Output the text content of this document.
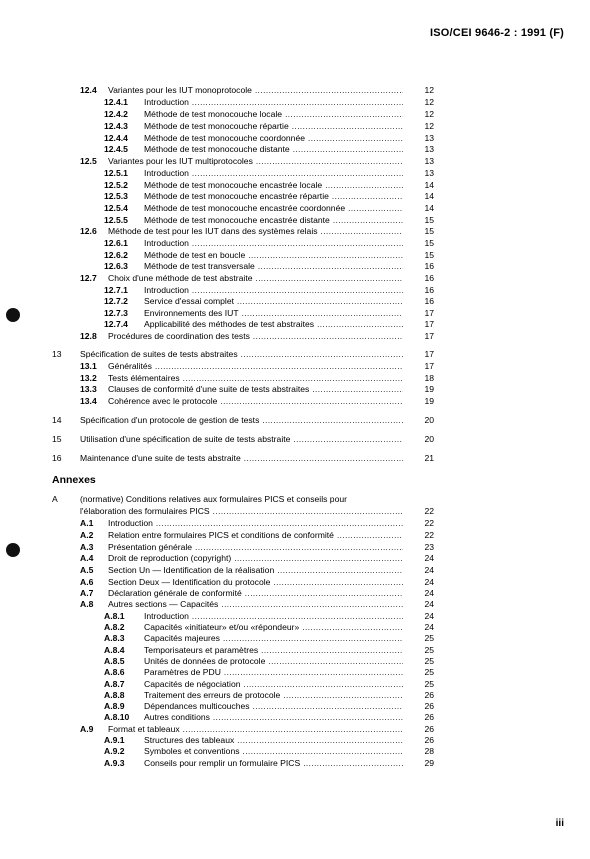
ISO/CEI 9646-2 : 1991 (F)
Annexes
12.4 Variantes pour les IUT monoprotocole .....	12
12.4.1 Introduction .....	12
12.4.2 Méthode de test monocouche locale .....	12
12.4.3 Méthode de test monocouche répartie .....	12
12.4.4 Méthode de test monocouche coordonnée .....	13
12.4.5 Méthode de test monocouche distante .....	13
12.5 Variantes pour les IUT multiprotocoles .....	13
12.5.1 Introduction .....	13
12.5.2 Méthode de test monocouche encastrée locale .....	14
12.5.3 Méthode de test monocouche encastrée répartie .....	14
12.5.4 Méthode de test monocouche encastrée coordonnée .....	14
12.5.5 Méthode de test monocouche encastrée distante .....	15
12.6 Méthode de test pour les IUT dans des systèmes relais .....	15
12.6.1 Introduction .....	15
12.6.2 Méthode de test en boucle .....	15
12.6.3 Méthode de test transversale .....	16
12.7 Choix d'une méthode de test abstraite .....	16
12.7.1 Introduction .....	16
12.7.2 Service d'essai complet .....	16
12.7.3 Environnements des IUT .....	17
12.7.4 Applicabilité des méthodes de test abstraites .....	17
12.8 Procédures de coordination des tests .....	17
13 Spécification de suites de tests abstraites .....	17
13.1 Généralités .....	17
13.2 Tests élémentaires .....	18
13.3 Clauses de conformité d'une suite de tests abstraites .....	19
13.4 Cohérence avec le protocole .....	19
14 Spécification d'un protocole de gestion de tests .....	20
15 Utilisation d'une spécification de suite de tests abstraite .....	20
16 Maintenance d'une suite de tests abstraite .....	21
A	(normative) Conditions relatives aux formulaires PICS et conseils pour
l'élaboration des formulaires PICS .....	22
A.1 Introduction .....	22
A.2 Relation entre formulaires PICS et conditions de conformité .....	22
A.3 Présentation générale .....	23
A.4 Droit de reproduction (copyright) .....	24
A.5 Section Un — Identification de la réalisation .....	24
A.6 Section Deux — Identification du protocole .....	24
A.7 Déclaration générale de conformité .....	24
A.8 Autres sections — Capacités .....	24
A.8.1 Introduction .....	24
A.8.2 Capacités «initiateur» et/ou «répondeur» .....	24
A.8.3 Capacités majeures .....	25
A.8.4 Temporisateurs et paramètres .....	25
A.8.5 Unités de données de protocole .....	25
A.8.6 Paramètres de PDU .....	25
A.8.7 Capacités de négociation .....	25
A.8.8 Traitement des erreurs de protocole .....	26
A.8.9 Dépendances multicouches .....	26
A.8.10 Autres conditions .....	26
A.9 Format et tableaux .....	26
A.9.1 Structures des tableaux .....	26
A.9.2 Symboles et conventions .....	28
A.9.3 Conseils pour remplir un formulaire PICS .....	29
iii
